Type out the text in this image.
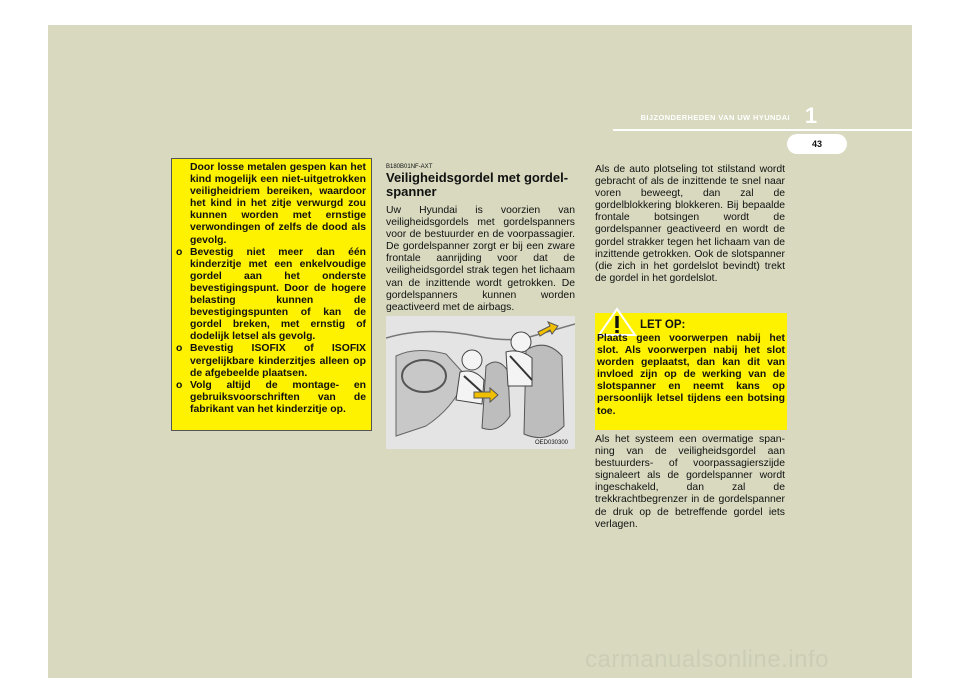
1
BIJZONDERHEDEN VAN UW HYUNDAI
43

Door losse metalen gespen kan het kind mogelijk een niet-uitgetrokken veiligheidriem bereiken, waardoor het kind in het zitje verwurgd zou kunnen worden met ernstige verwondingen of zelfs de dood als gevolg.

o Bevestig niet meer dan één kinderzitje met een enkelvoudige gordel aan het onderste bevestigingspunt. Door de hogere belasting kunnen de bevestigingspunten of kan de gordel breken, met ernstig of dodelijk letsel als gevolg.

o Bevestig ISOFIX of ISOFIX vergelijkbare kinderzitjes alleen op de afgebeelde plaatsen.

o Volg altijd de montage- en gebruiksvoorschriften van de fabrikant van het kinderzitje op.

B180B01NF-AXT

Veiligheidsgordel met gordel-spanner

Uw Hyundai is voorzien van veiligheidsgordels met gordelspanners voor de bestuurder en de voorpassagier. De gordelspanner zorgt er bij een zware frontale aanrijding voor dat de veiligheidsgordel strak tegen het lichaam van de inzittende wordt getrokken. De gordelspanners kunnen worden geactiveerd met de airbags.

OED030300
Als de auto plotseling tot stilstand wordt gebracht of als de inzittende te snel naar voren beweegt, dan zal de gordelblokkering blokkeren. Bij bepaalde frontale botsingen wordt de gordelspanner geactiveerd en wordt de gordel strakker tegen het lichaam van de inzittende getrokken. Ook de slotspanner (die zich in het gordelslot bevindt) trekt de gordel in het gordelslot.
LET OP:
Plaats geen voorwerpen nabij het slot. Als voorwerpen nabij het slot worden geplaatst, dan kan dit van invloed zijn op de werking van de slotspanner en neemt kans op persoonlijk letsel tijdens een botsing toe.
Als het systeem een overmatige span-ning van de veiligheidsgordel aan bestuurders- of voorpassagierszijde signaleert als de gordelspanner wordt ingeschakeld, dan zal de trekkrachtbegrenzer in de gordelspanner de druk op de betreffende gordel iets verlagen.
carmanualsonline.info
